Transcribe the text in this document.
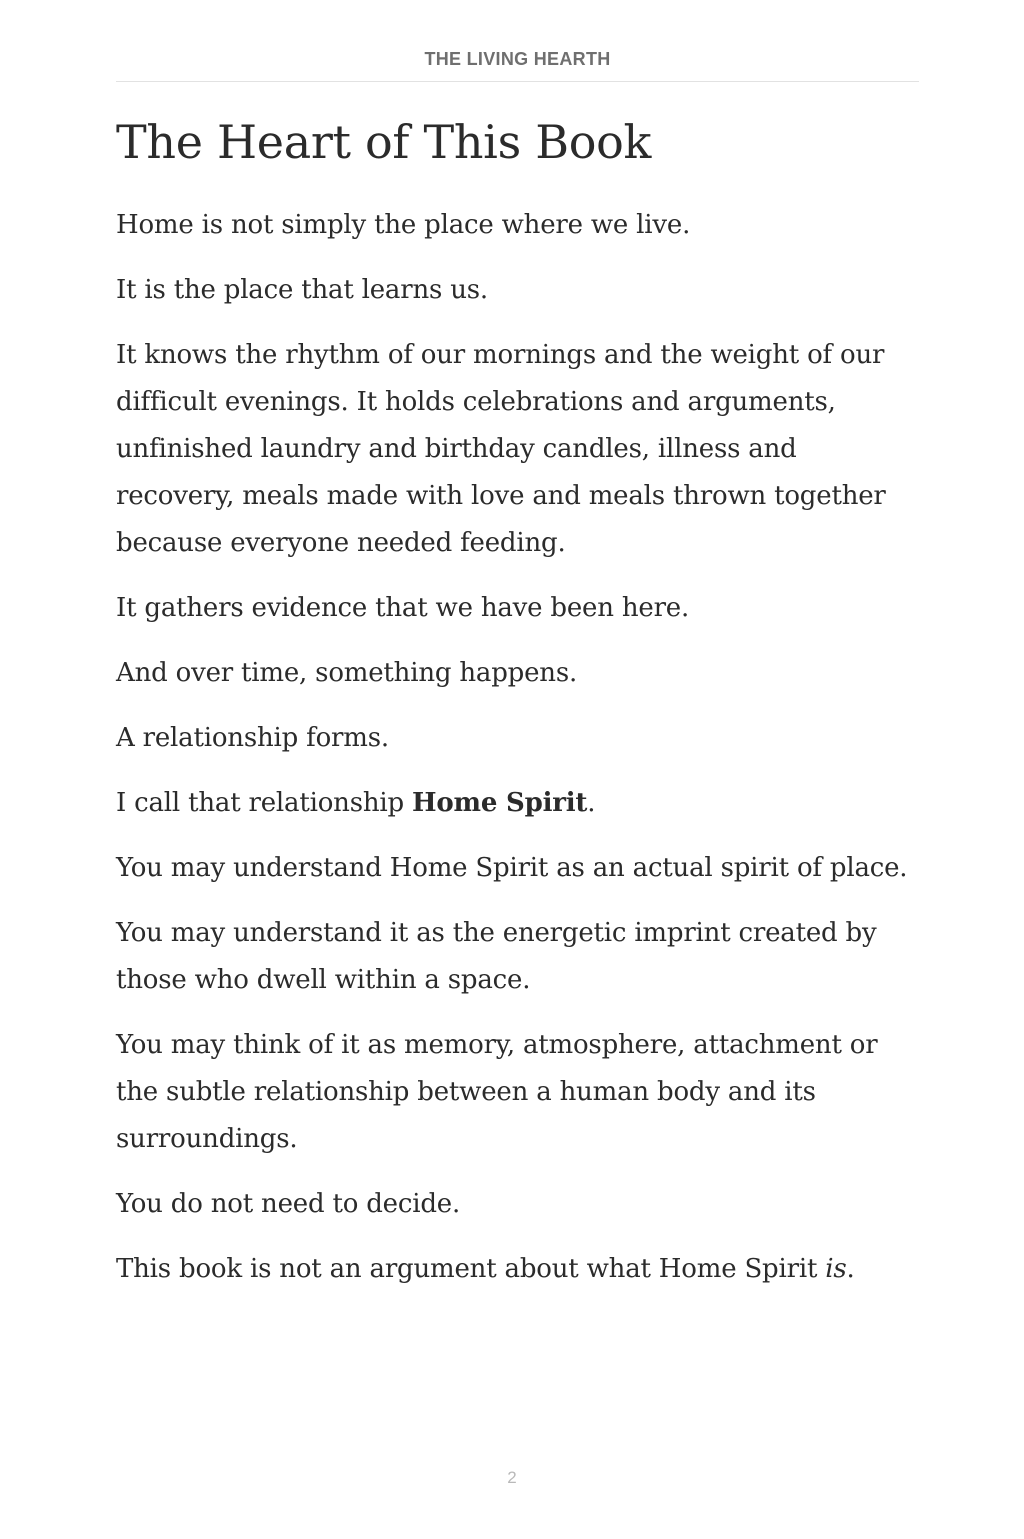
THE LIVING HEARTH
The Heart of This Book

Home is not simply the place where we live.

It is the place that learns us.

It knows the rhythm of our mornings and the weight of our difficult evenings. It holds celebrations and arguments, unfinished laundry and birthday candles, illness and recovery, meals made with love and meals thrown together because everyone needed feeding.

It gathers evidence that we have been here.

And over time, something happens.

A relationship forms.

I call that relationship Home Spirit.

You may understand Home Spirit as an actual spirit of place.

You may understand it as the energetic imprint created by those who dwell within a space.

You may think of it as memory, atmosphere, attachment or the subtle relationship between a human body and its surroundings.

You do not need to decide.

This book is not an argument about what Home Spirit is.

2
